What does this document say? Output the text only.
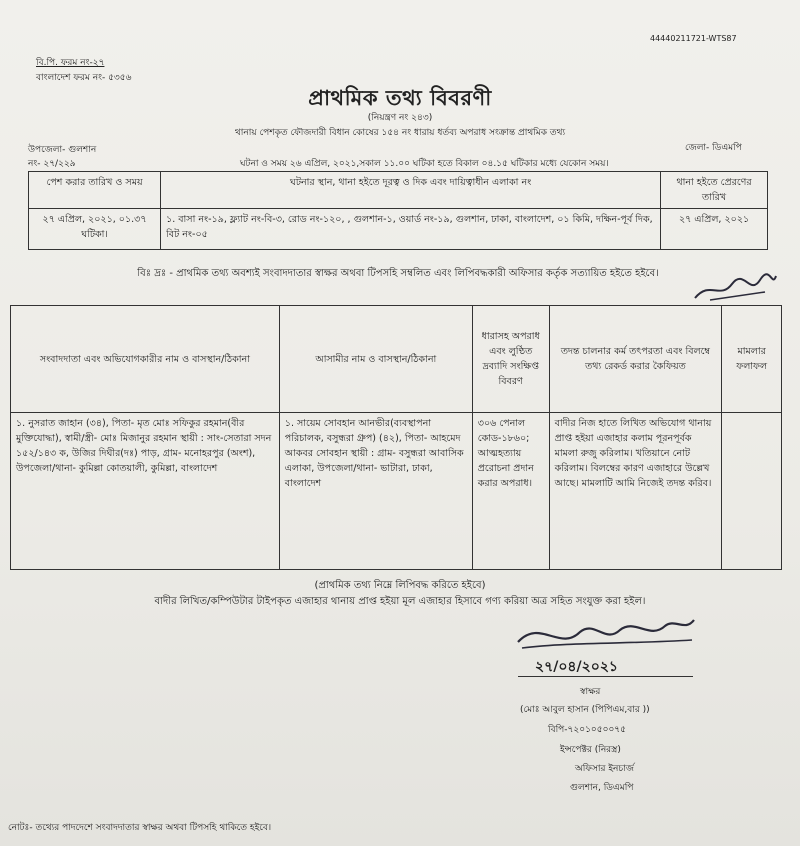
44440211721-WTS87
বি.পি. ফরম নং-২৭
বাংলাদেশ ফরম নং- ৫৩৫৬
প্রাথমিক তথ্য বিবরণী
(নিয়ন্ত্রণ নং ২৪৩)
থানায় পেশকৃত ফৌজদারী বিধান কোষের ১৫৪ নং ধারায় ধর্তব্য অপরাধ সংক্রান্ত প্রাথমিক তথ্য
উপজেলা- গুলশান	জেলা- ডিএমপি
নং- ২৭/২২৯	ঘটনা ও সময় ২৬ এপ্রিল, ২০২১,সকাল ১১.০০ ঘটিকা হতে বিকাল ০৪.১৫ ঘটিকার মধ্যে যেকোন সময়।
পেশ করার তারিখ ও সময়	ঘটনার স্থান, থানা হইতে দূরত্ব ও দিক এবং দায়িত্বাধীন এলাকা নং	থানা হইতে প্রেরণের তারিখ
২৭ এপ্রিল, ২০২১, ০১.৩৭ ঘটিকা।	১. বাসা নং-১৯, ফ্ল্যাট নং-বি-৩, রোড নং-১২০, , গুলশান-১, ওয়ার্ড নং-১৯, গুলশান, ঢাকা, বাংলাদেশ, ০১ কিমি, দক্ষিন-পূর্ব দিক, বিট নং-০৫	২৭ এপ্রিল, ২০২১
বিঃ দ্রঃ - প্রাথমিক তথ্য অবশ্যই সংবাদদাতার স্বাক্ষর অথবা টিপসহি সম্বলিত এবং লিপিবদ্ধকারী অফিসার কর্তৃক সত্যায়িত হইতে হইবে।
সংবাদদাতা এবং অভিযোগকারীর নাম ও বাসস্থান/ঠিকানা	আসামীর নাম ও বাসস্থান/ঠিকানা	ধারাসহ অপরাধ এবং লুণ্ঠিত দ্রব্যাদি সংক্ষিপ্ত বিবরণ	তদন্ত চালনার কর্ম তৎপরতা এবং বিলম্বে তথ্য রেকর্ড করার কৈফিয়ত	মামলার ফলাফল
১. নুসরাত জাহান (৩৪), পিতা- মৃত মোঃ সফিকুর রহমান(বীর মুক্তিযোদ্ধা), স্বামী/স্ত্রী- মোঃ মিজানুর রহমান স্থায়ী : সাং-সেতারা সদন ১৫২/১৪৩ ক, উজির দিঘীর(দঃ) পাড়, গ্রাম- মনোহরপুর (অংশ), উপজেলা/থানা- কুমিল্লা কোতয়ালী, কুমিল্লা, বাংলাদেশ	১. সায়েম সোবহান আনভীর(ব্যবস্থাপনা পরিচালক, বসুন্ধরা গ্রুপ) (৪২), পিতা- আহমেদ আকবর সোবহান স্থায়ী : গ্রাম- বসুন্ধরা আবাসিক এলাকা, উপজেলা/থানা- ভাটারা, ঢাকা, বাংলাদেশ	৩০৬ পেনাল কোড-১৮৬০; আত্মহত্যায় প্ররোচনা প্রদান করার অপরাধ।	বাদীর নিজ হাতে লিখিত অভিযোগ থানায় প্রাপ্ত হইয়া এজাহার কলাম পূরনপূর্বক মামলা রুজু করিলাম। খতিয়ানে নোট করিলাম। বিলম্বের কারণ এজাহারে উল্লেখ আছে। মামলাটি আমি নিজেই তদন্ত করিব।	
(প্রাথমিক তথ্য নিম্নে লিপিবদ্ধ করিতে হইবে)
বাদীর লিখিত/কম্পিউটার টাইপকৃত এজাহার থানায় প্রাপ্ত হইয়া মূল এজাহার হিসাবে গণ্য করিয়া অত্র সহিত সংযুক্ত করা হইল।
২৭/০৪/২০২১
স্বাক্ষর
(মোঃ আবুল হাসান (পিপিএম,বার ))
বিপি-৭২০১০৫০০৭৫
ইন্সপেক্টর (নিরস্ত্র)
অফিসার ইনচার্জ
গুলশান, ডিএমপি
নোটঃ- তথ্যের পাদদেশে সংবাদদাতার স্বাক্ষর অথবা টিপসহি থাকিতে হইবে।
